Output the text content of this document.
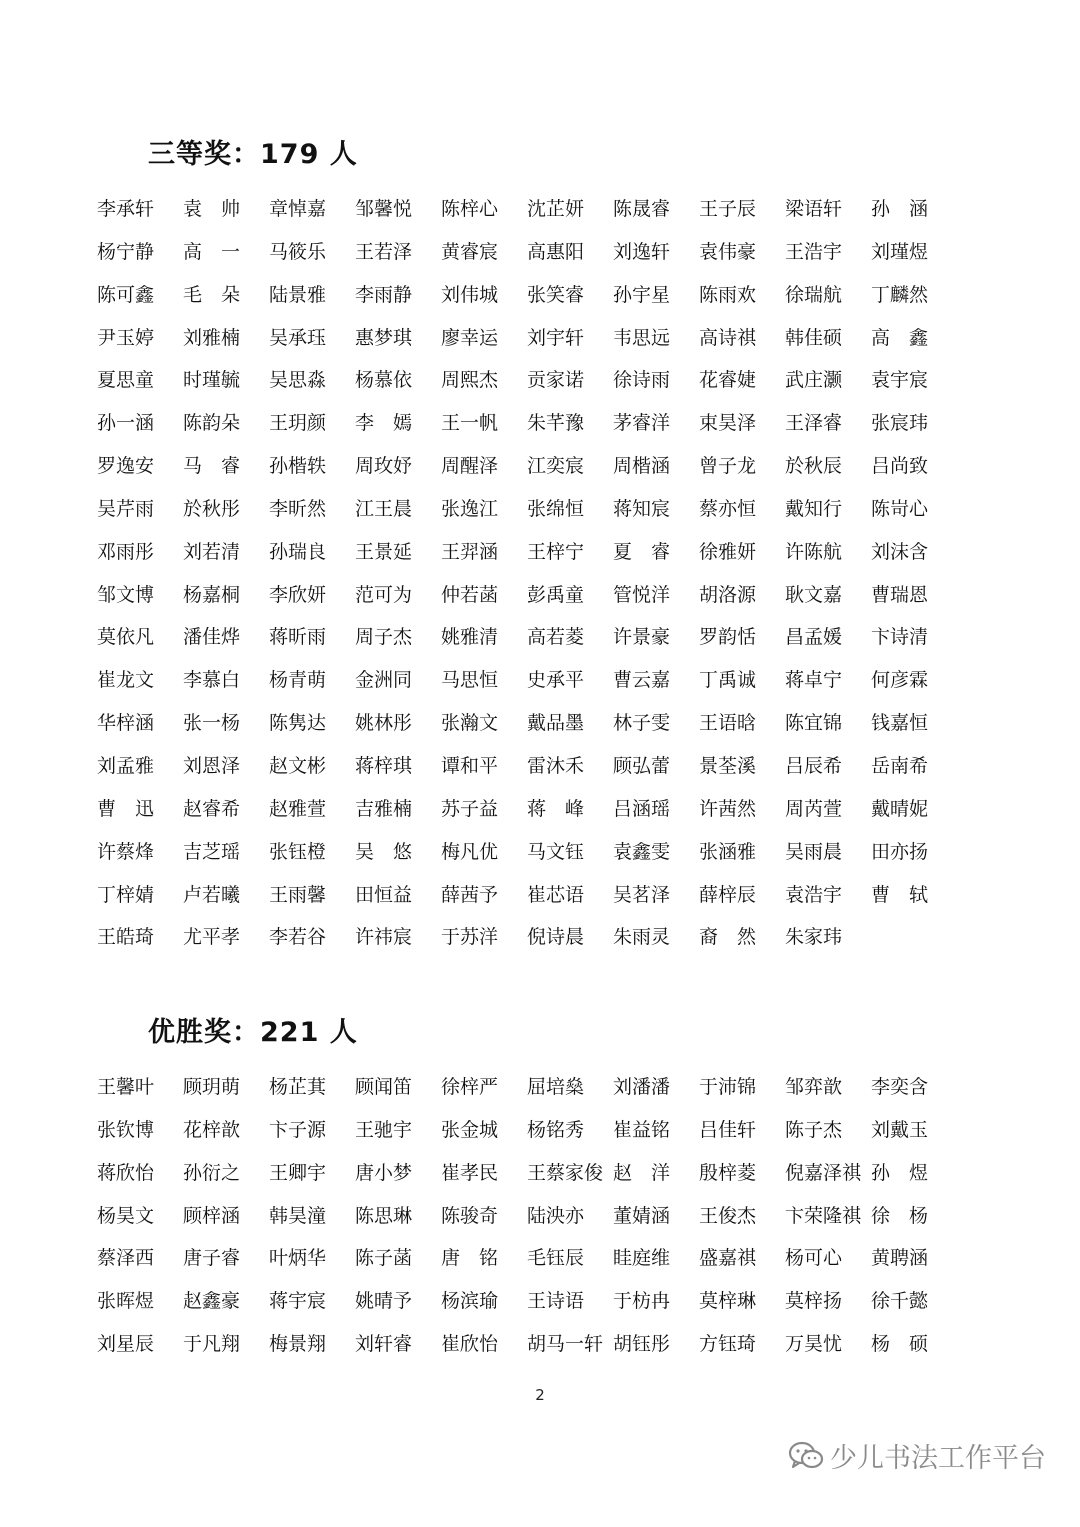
三等奖：179 人
李承轩	袁　帅	章悼嘉	邹馨悦	陈梓心	沈芷妍	陈晟睿	王子辰	梁语轩	孙　涵
杨宁静	高　一	马筱乐	王若泽	黄睿宸	高惠阳	刘逸轩	袁伟豪	王浩宇	刘瑾煜
陈可鑫	毛　朵	陆景雅	李雨静	刘伟城	张笑睿	孙宇星	陈雨欢	徐瑞航	丁麟然
尹玉婷	刘雅楠	吴承珏	惠梦琪	廖幸运	刘宇轩	韦思远	高诗祺	韩佳硕	高　鑫
夏思童	时瑾毓	吴思淼	杨慕依	周熙杰	贡家诺	徐诗雨	花睿婕	武庄灏	袁宇宸
孙一涵	陈韵朵	王玥颜	李　嫣	王一帆	朱芊豫	茅睿洋	束昊泽	王泽睿	张宸玮
罗逸安	马　睿	孙楷轶	周玫妤	周醒泽	江奕宸	周楷涵	曾子龙	於秋辰	吕尚致
吴芹雨	於秋彤	李昕然	江王晨	张逸江	张绵恒	蒋知宸	蔡亦恒	戴知行	陈岢心
邓雨彤	刘若清	孙瑞良	王景延	王羿涵	王梓宁	夏　睿	徐雅妍	许陈航	刘沫含
邹文博	杨嘉桐	李欣妍	范可为	仲若菡	彭禹童	管悦洋	胡洛源	耿文嘉	曹瑞恩
莫依凡	潘佳烨	蒋昕雨	周子杰	姚雅清	高若菱	许景豪	罗韵恬	昌孟媛	卞诗清
崔龙文	李慕白	杨青萌	金洲同	马思恒	史承平	曹云嘉	丁禹诚	蒋卓宁	何彦霖
华梓涵	张一杨	陈隽达	姚林彤	张瀚文	戴品墨	林子雯	王语晗	陈宜锦	钱嘉恒
刘孟雅	刘恩泽	赵文彬	蒋梓琪	谭和平	雷沐禾	顾弘蕾	景荃溪	吕辰希	岳南希
曹　迅	赵睿希	赵雅萱	吉雅楠	苏子益	蒋　峰	吕涵瑶	许茜然	周芮萱	戴晴妮
许蔡烽	吉芝瑶	张钰橙	吴　悠	梅凡优	马文钰	袁鑫雯	张涵雅	吴雨晨	田亦扬
丁梓婧	卢若曦	王雨馨	田恒益	薛茜予	崔芯语	吴茗泽	薛梓辰	袁浩宇	曹　轼
王皓琦	尤平孝	李若谷	许祎宸	于苏洋	倪诗晨	朱雨灵	裔　然	朱家玮
优胜奖：221 人
王馨叶	顾玥萌	杨芷萁	顾闻笛	徐梓严	屈培燊	刘潘潘	于沛锦	邹弈歆	李奕含
张钦博	花梓歆	卞子源	王驰宇	张金城	杨铭秀	崔益铭	吕佳轩	陈子杰	刘戴玉
蒋欣怡	孙衍之	王卿宇	唐小梦	崔孝民	王蔡家俊 赵　洋	殷梓菱	倪嘉泽祺 孙　煜
杨昊文	顾梓涵	韩昊潼	陈思琳	陈骏奇	陆泱亦	董婧涵	王俊杰	卞荣隆祺 徐　杨
蔡泽西	唐子睿	叶炳华	陈子菡	唐　铭	毛钰辰	眭庭维	盛嘉祺	杨可心	黄聘涵
张晖煜	赵鑫豪	蒋宇宸	姚晴予	杨滨瑜	王诗语	于枋冉	莫梓琳	莫梓扬	徐千懿
刘星辰	于凡翔	梅景翔	刘轩睿	崔欣怡	胡马一轩 胡钰彤	方钰琦	万昊忧	杨　硕
2
少儿书法工作平台
